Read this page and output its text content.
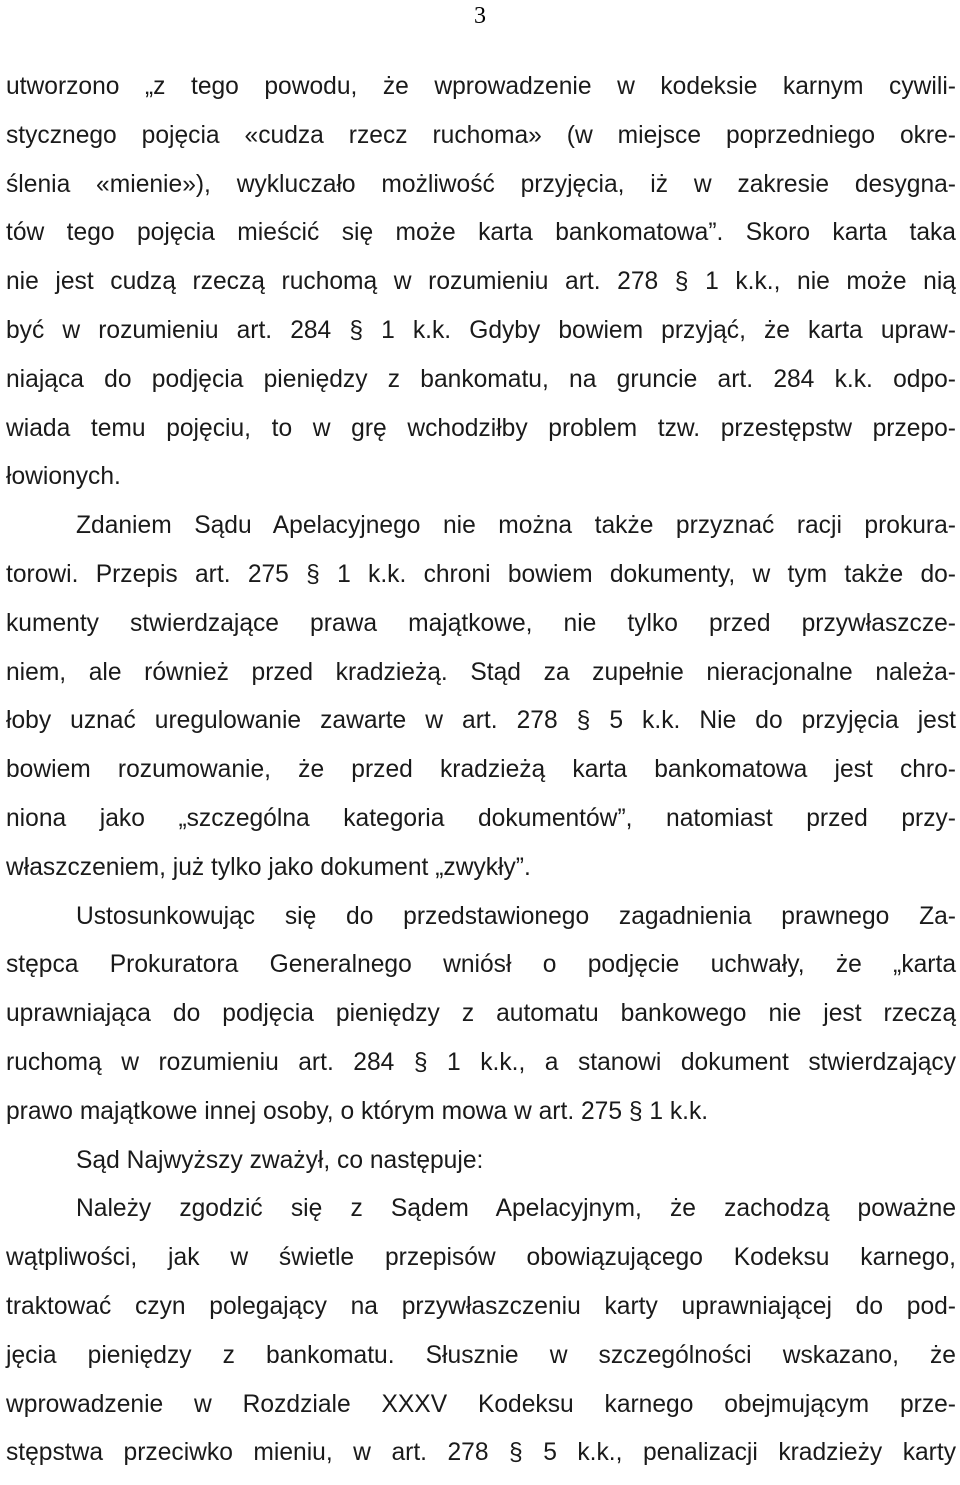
3
utworzono „z tego powodu, że wprowadzenie w kodeksie karnym cywili-
stycznego pojęcia «cudza rzecz ruchoma» (w miejsce poprzedniego okre-
ślenia «mienie»), wykluczało możliwość przyjęcia, iż w zakresie desygna-
tów tego pojęcia mieścić się może karta bankomatowa”. Skoro karta taka
nie jest cudzą rzeczą ruchomą w rozumieniu art. 278 § 1 k.k., nie może nią
być w rozumieniu art. 284 § 1 k.k. Gdyby bowiem przyjąć, że karta upraw-
niająca do podjęcia pieniędzy z bankomatu, na gruncie art. 284 k.k. odpo-
wiada temu pojęciu, to w grę wchodziłby problem tzw. przestępstw przepo-
łowionych.
Zdaniem Sądu Apelacyjnego nie można także przyznać racji prokura-
torowi. Przepis art. 275 § 1 k.k. chroni bowiem dokumenty, w tym także do-
kumenty stwierdzające prawa majątkowe, nie tylko przed przywłaszcze-
niem, ale również przed kradzieżą. Stąd za zupełnie nieracjonalne należa-
łoby uznać uregulowanie zawarte w art. 278 § 5 k.k. Nie do przyjęcia jest
bowiem rozumowanie, że przed kradzieżą karta bankomatowa jest chro-
niona jako „szczególna kategoria dokumentów”, natomiast przed przy-
właszczeniem, już tylko jako dokument „zwykły”.
Ustosunkowując się do przedstawionego zagadnienia prawnego Za-
stępca Prokuratora Generalnego wniósł o podjęcie uchwały, że „karta
uprawniająca do podjęcia pieniędzy z automatu bankowego nie jest rzeczą
ruchomą w rozumieniu art. 284 § 1 k.k., a stanowi dokument stwierdzający
prawo majątkowe innej osoby, o którym mowa w art. 275 § 1 k.k.
Sąd Najwyższy zważył, co następuje:
Należy zgodzić się z Sądem Apelacyjnym, że zachodzą poważne
wątpliwości, jak w świetle przepisów obowiązującego Kodeksu karnego,
traktować czyn polegający na przywłaszczeniu karty uprawniającej do pod-
jęcia pieniędzy z bankomatu. Słusznie w szczególności wskazano, że
wprowadzenie w Rozdziale XXXV Kodeksu karnego obejmującym prze-
stępstwa przeciwko mieniu, w art. 278 § 5 k.k., penalizacji kradzieży karty
